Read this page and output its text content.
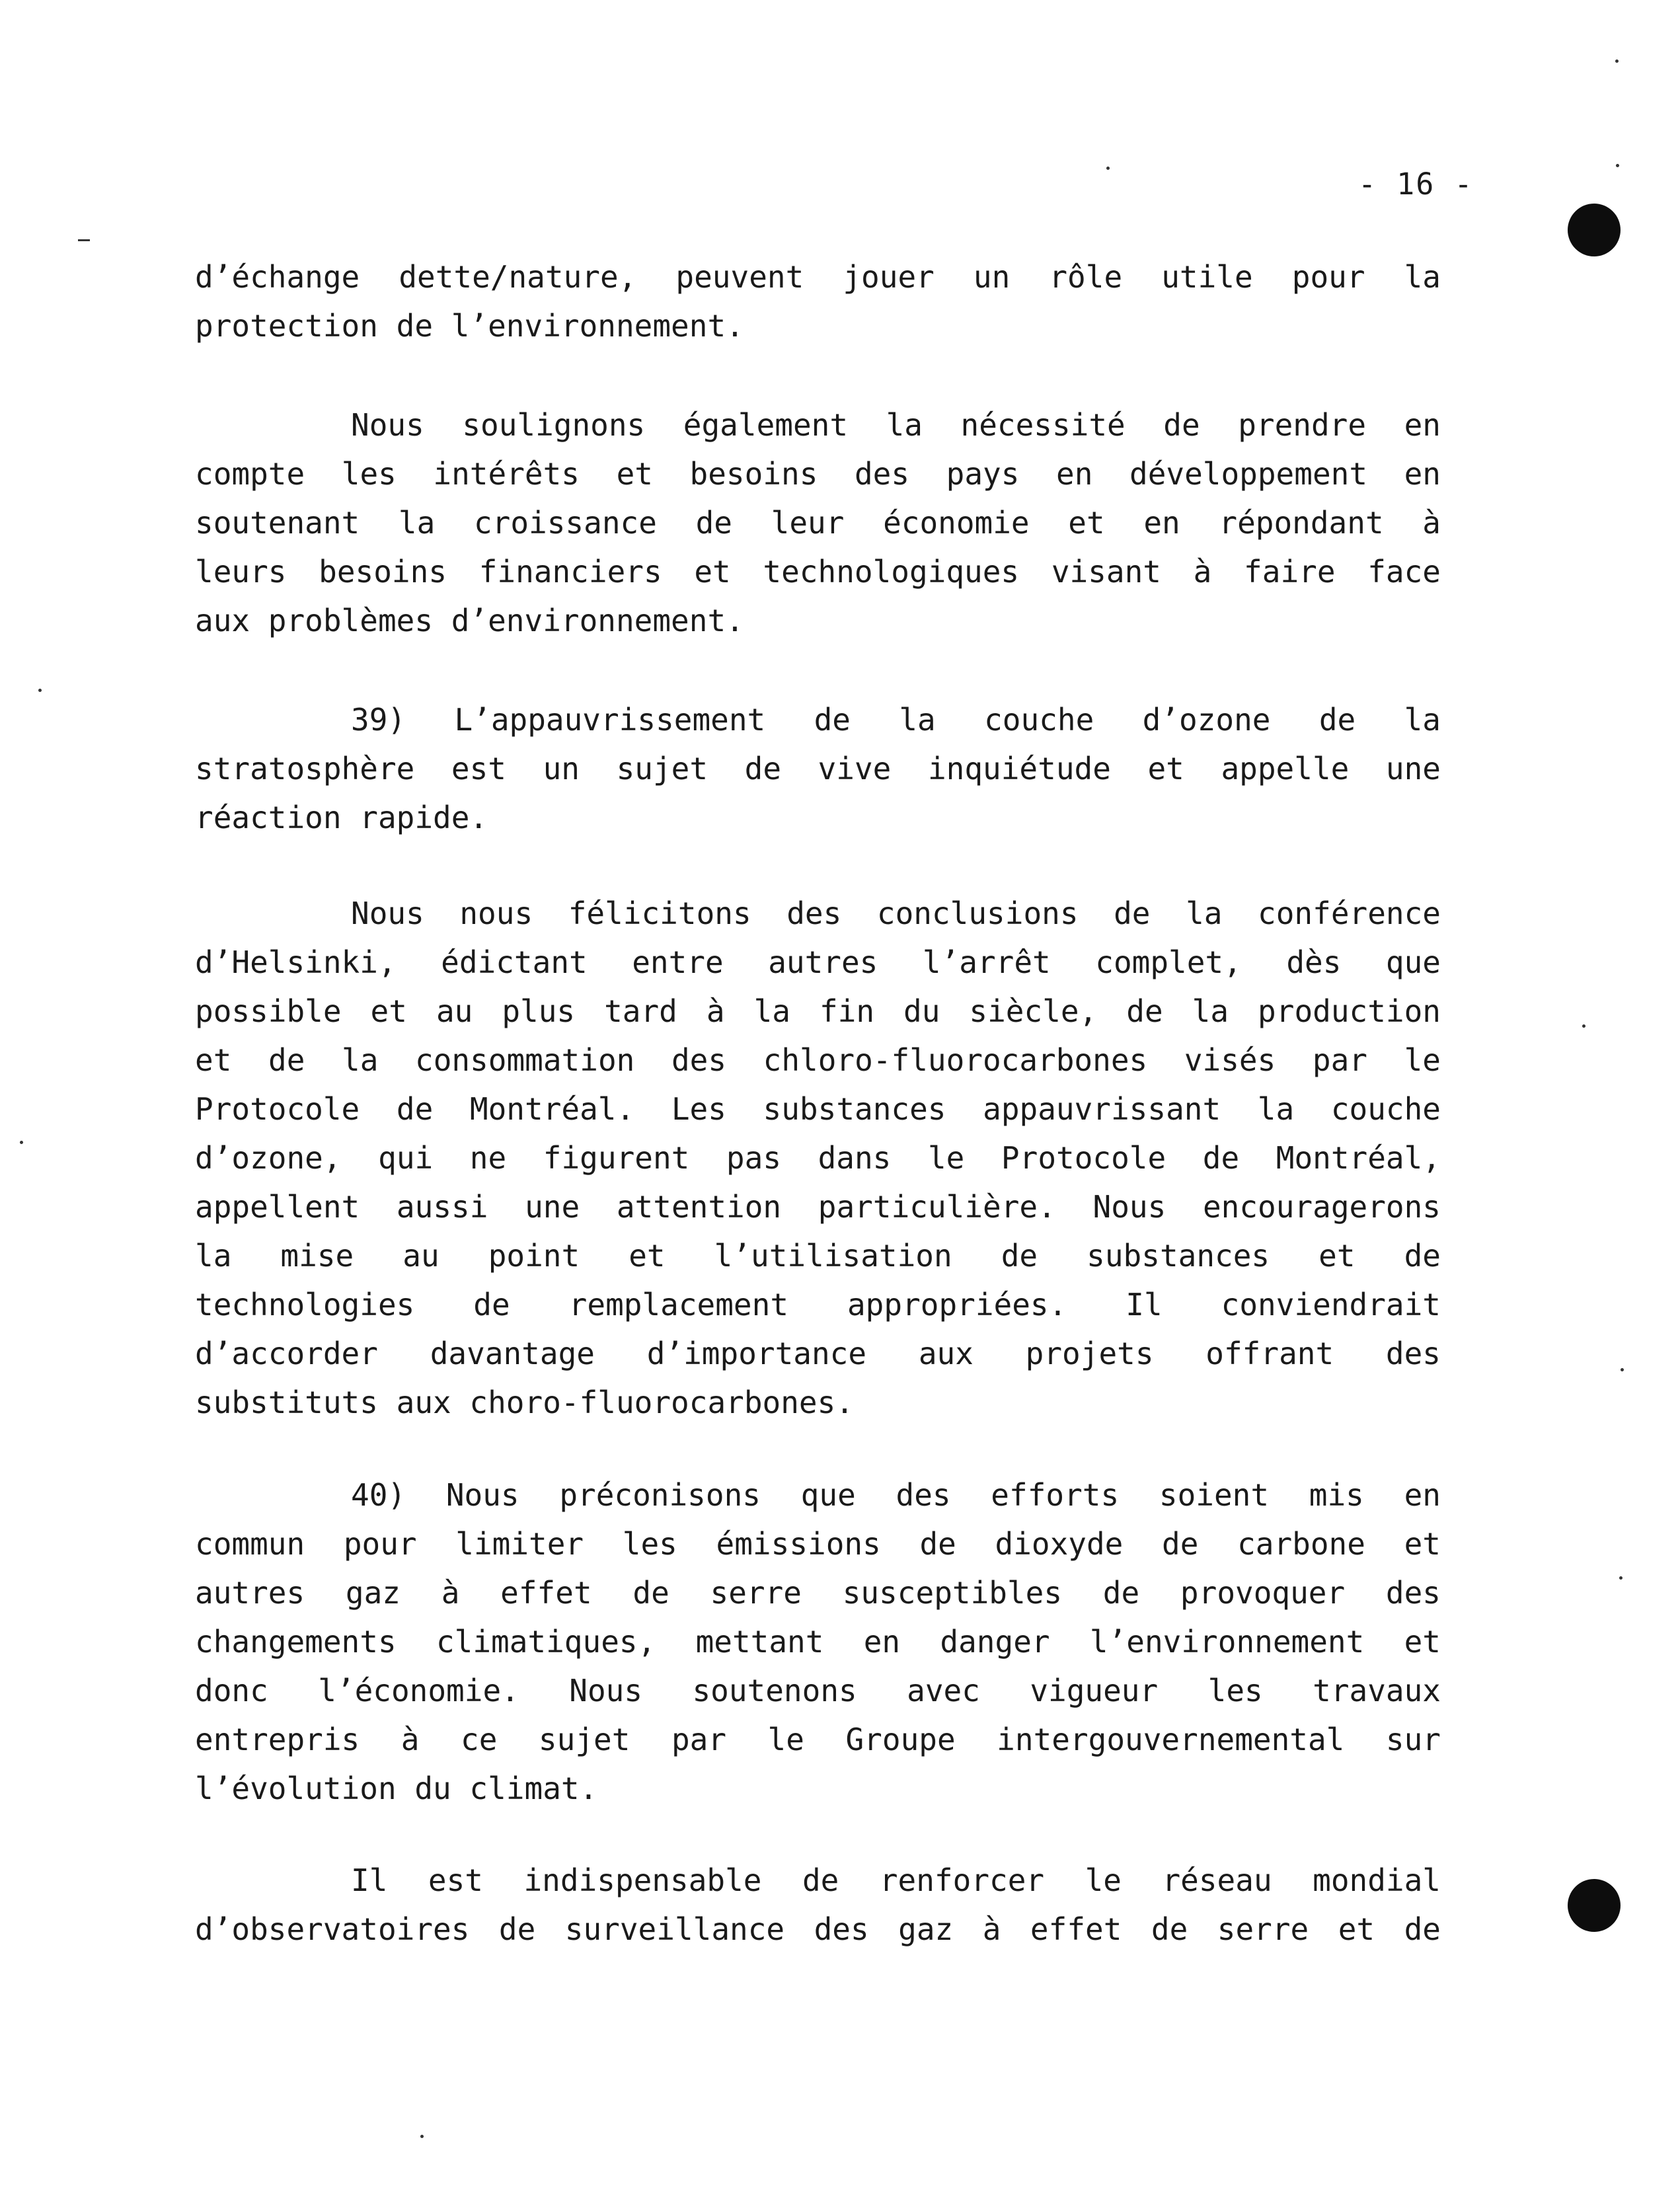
- 16 -
d’échange dette/nature, peuvent jouer un rôle utile pour la
protection de l’environnement.
Nous soulignons également la nécessité de prendre en
compte les intérêts et besoins des pays en développement en
soutenant la croissance de leur économie et en répondant à
leurs besoins financiers et technologiques visant à faire face
aux problèmes d’environnement.
39) L’appauvrissement de la couche d’ozone de la
stratosphère est un sujet de vive inquiétude et appelle une
réaction rapide.
Nous nous félicitons des conclusions de la conférence
d’Helsinki, édictant entre autres l’arrêt complet, dès que
possible et au plus tard à la fin du siècle, de la production
et de la consommation des chloro-fluorocarbones visés par le
Protocole de Montréal. Les substances appauvrissant la couche
d’ozone, qui ne figurent pas dans le Protocole de Montréal,
appellent aussi une attention particulière. Nous encouragerons
la mise au point et l’utilisation de substances et de
technologies de remplacement appropriées. Il conviendrait
d’accorder davantage d’importance aux projets offrant des
substituts aux choro-fluorocarbones.
40) Nous préconisons que des efforts soient mis en
commun pour limiter les émissions de dioxyde de carbone et
autres gaz à effet de serre susceptibles de provoquer des
changements climatiques, mettant en danger l’environnement et
donc l’économie. Nous soutenons avec vigueur les travaux
entrepris à ce sujet par le Groupe intergouvernemental sur
l’évolution du climat.
Il est indispensable de renforcer le réseau mondial
d’observatoires de surveillance des gaz à effet de serre et de
